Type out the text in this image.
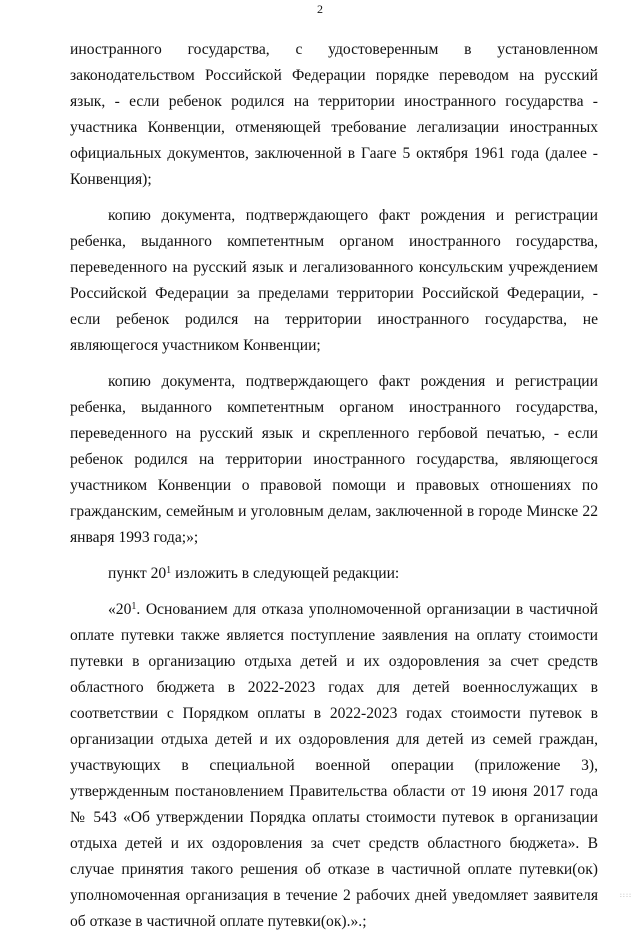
2

иностранного государства, с удостоверенным в установленном законодательством Российской Федерации порядке переводом на русский язык, - если ребенок родился на территории иностранного государства - участника Конвенции, отменяющей требование легализации иностранных официальных документов, заключенной в Гааге 5 октября 1961 года (далее - Конвенция);

копию документа, подтверждающего факт рождения и регистрации ребенка, выданного компетентным органом иностранного государства, переведенного на русский язык и легализованного консульским учреждением Российской Федерации за пределами территории Российской Федерации, - если ребенок родился на территории иностранного государства, не являющегося участником Конвенции;

копию документа, подтверждающего факт рождения и регистрации ребенка, выданного компетентным органом иностранного государства, переведенного на русский язык и скрепленного гербовой печатью, - если ребенок родился на территории иностранного государства, являющегося участником Конвенции о правовой помощи и правовых отношениях по гражданским, семейным и уголовным делам, заключенной в городе Минске 22 января 1993 года;»;

пункт $20^1$ изложить в следующей редакции:

«$20^1$. Основанием для отказа уполномоченной организации в частичной оплате путевки также является поступление заявления на оплату стоимости путевки в организацию отдыха детей и их оздоровления за счет средств областного бюджета в 2022-2023 годах для детей военнослужащих в соответствии с Порядком оплаты в 2022-2023 годах стоимости путевок в организации отдыха детей и их оздоровления для детей из семей граждан, участвующих в специальной военной операции (приложение 3), утвержденным постановлением Правительства области от 19 июня 2017 года № 543 «Об утверждении Порядка оплаты стоимости путевок в организации отдыха детей и их оздоровления за счет средств областного бюджета». В случае принятия такого решения об отказе в частичной оплате путевки(ок) уполномоченная организация в течение 2 рабочих дней уведомляет заявителя об отказе в частичной оплате путевки(ок).».;

::::
